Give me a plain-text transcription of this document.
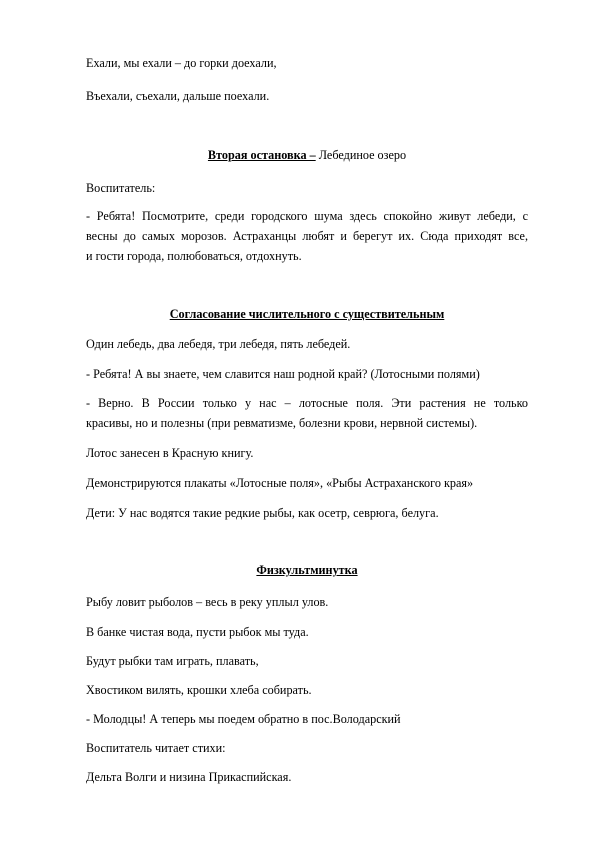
Ехали, мы ехали – до горки доехали,
Въехали, съехали, дальше поехали.
Вторая остановка – Лебединое озеро
Воспитатель:
- Ребята! Посмотрите, среди городского шума здесь спокойно живут лебеди, с
весны до самых морозов. Астраханцы любят и берегут их. Сюда приходят все,
и гости города, полюбоваться, отдохнуть.
Согласование числительного с существительным
Один лебедь, два лебедя, три лебедя, пять лебедей.
- Ребята! А вы знаете, чем славится наш родной край? (Лотосными полями)
- Верно. В России только у нас – лотосные поля. Эти растения не только
красивы, но и полезны (при ревматизме, болезни крови, нервной системы).
Лотос занесен в Красную книгу.
Демонстрируются плакаты «Лотосные поля», «Рыбы Астраханского края»
Дети: У нас водятся такие редкие рыбы, как осетр, севрюга, белуга.
Физкультминутка
Рыбу ловит рыболов – весь в реку уплыл улов.
В банке чистая вода, пусти рыбок мы туда.
Будут рыбки там играть, плавать,
Хвостиком вилять, крошки хлеба собирать.
- Молодцы! А теперь мы поедем обратно в пос.Володарский
Воспитатель читает стихи:
Дельта Волги и низина Прикаспийская.
